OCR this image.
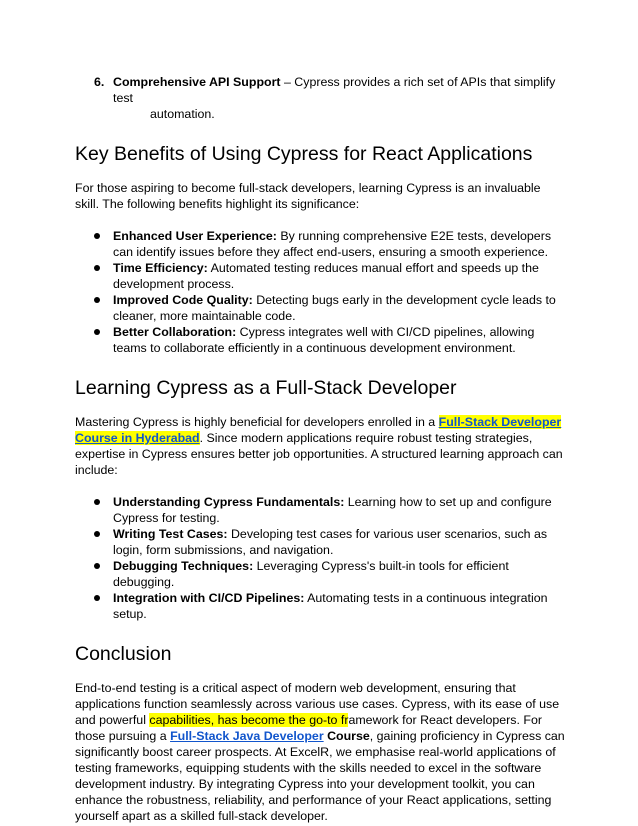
6. Comprehensive API Support – Cypress provides a rich set of APIs that simplify test
automation.
Key Benefits of Using Cypress for React Applications

For those aspiring to become full-stack developers, learning Cypress is an invaluable skill. The following benefits highlight its significance:

Enhanced User Experience: By running comprehensive E2E tests, developers can identify issues before they affect end-users, ensuring a smooth experience.
Time Efficiency: Automated testing reduces manual effort and speeds up the development process.
Improved Code Quality: Detecting bugs early in the development cycle leads to cleaner, more maintainable code.
Better Collaboration: Cypress integrates well with CI/CD pipelines, allowing teams to collaborate efficiently in a continuous development environment.
Learning Cypress as a Full-Stack Developer

Mastering Cypress is highly beneficial for developers enrolled in a Full-Stack Developer Course in Hyderabad. Since modern applications require robust testing strategies, expertise in Cypress ensures better job opportunities. A structured learning approach can include:

Understanding Cypress Fundamentals: Learning how to set up and configure Cypress for testing.
Writing Test Cases: Developing test cases for various user scenarios, such as login, form submissions, and navigation.
Debugging Techniques: Leveraging Cypress's built-in tools for efficient debugging.
Integration with CI/CD Pipelines: Automating tests in a continuous integration setup.
Conclusion

End-to-end testing is a critical aspect of modern web development, ensuring that applications function seamlessly across various use cases. Cypress, with its ease of use and powerful capabilities, has become the go-to framework for React developers. For those pursuing a Full-Stack Java Developer Course, gaining proficiency in Cypress can significantly boost career prospects. At ExcelR, we emphasise real-world applications of testing frameworks, equipping students with the skills needed to excel in the software development industry. By integrating Cypress into your development toolkit, you can enhance the robustness, reliability, and performance of your React applications, setting yourself apart as a skilled full-stack developer.
